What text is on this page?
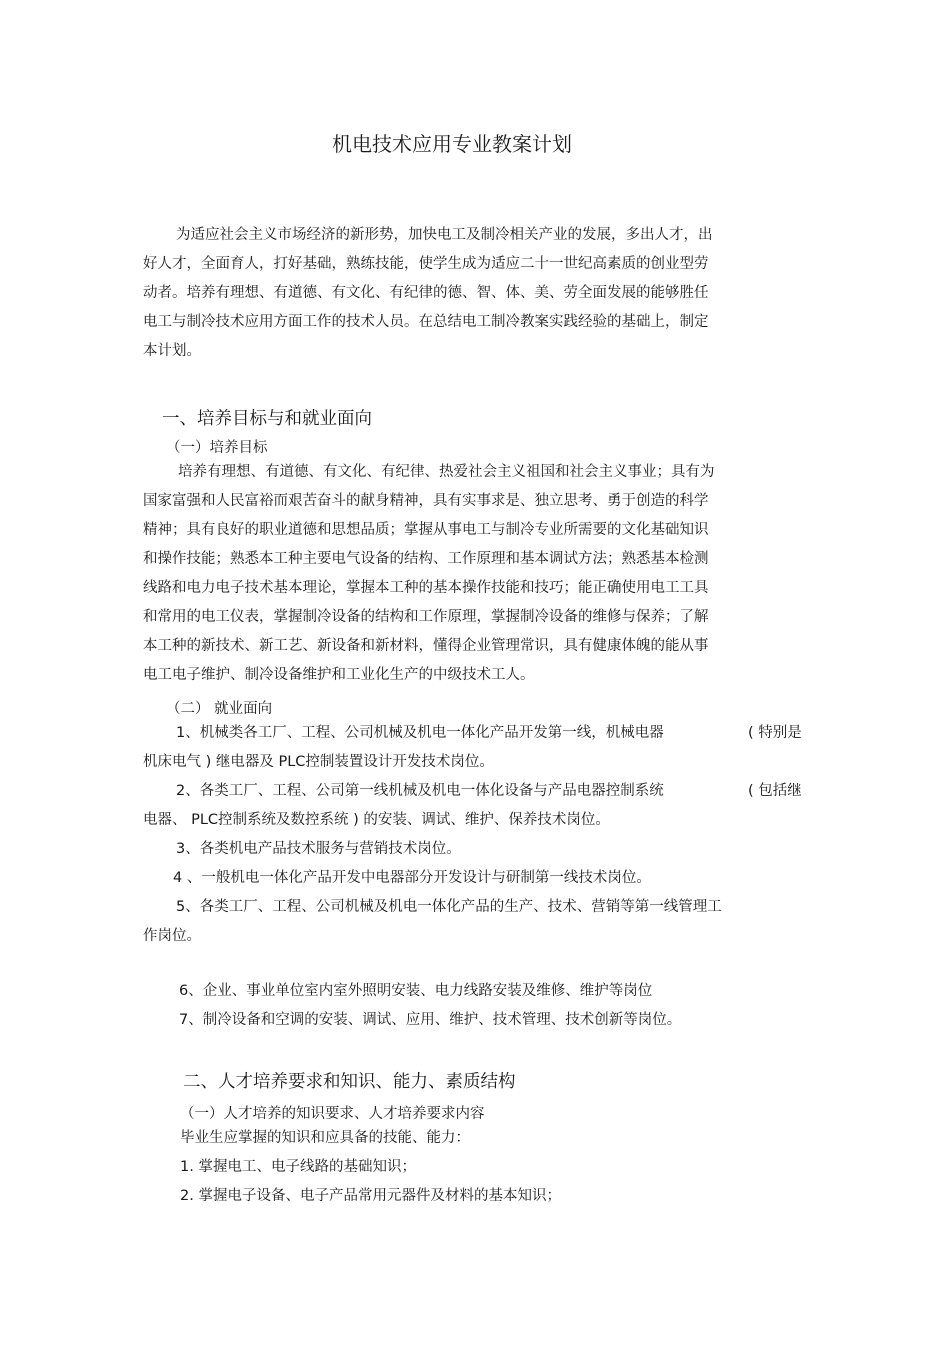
机电技术应用专业教案计划
为适应社会主义市场经济的新形势，加快电工及制冷相关产业的发展，多出人才，出
好人才，全面育人，打好基础，熟练技能，使学生成为适应二十一世纪高素质的创业型劳
动者。培养有理想、有道德、有文化、有纪律的德、智、体、美、劳全面发展的能够胜任
电工与制冷技术应用方面工作的技术人员。在总结电工制冷教案实践经验的基础上，制定
本计划。
一、培养目标与和就业面向
（一）培养目标
培养有理想、有道德、有文化、有纪律、热爱社会主义祖国和社会主义事业；具有为
国家富强和人民富裕而艰苦奋斗的献身精神，具有实事求是、独立思考、勇于创造的科学
精神；具有良好的职业道德和思想品质；掌握从事电工与制冷专业所需要的文化基础知识
和操作技能；熟悉本工种主要电气设备的结构、工作原理和基本调试方法；熟悉基本检测
线路和电力电子技术基本理论，掌握本工种的基本操作技能和技巧；能正确使用电工工具
和常用的电工仪表，掌握制冷设备的结构和工作原理，掌握制冷设备的维修与保养；了解
本工种的新技术、新工艺、新设备和新材料，懂得企业管理常识，具有健康体魄的能从事
电工电子维护、制冷设备维护和工业化生产的中级技术工人。
（二） 就业面向
1、机械类各工厂、工程、公司机械及机电一体化产品开发第一线，机械电器	( 特别是
机床电气 ) 继电器及 PLC控制装置设计开发技术岗位。
2、各类工厂、工程、公司第一线机械及机电一体化设备与产品电器控制系统	( 包括继
电器、 PLC控制系统及数控系统 ) 的安装、调试、维护、保养技术岗位。
3、各类机电产品技术服务与营销技术岗位。
4 、一般机电一体化产品开发中电器部分开发设计与研制第一线技术岗位。
5、各类工厂、工程、公司机械及机电一体化产品的生产、技术、营销等第一线管理工
作岗位。
6、企业、事业单位室内室外照明安装、电力线路安装及维修、维护等岗位
7、制冷设备和空调的安装、调试、应用、维护、技术管理、技术创新等岗位。
二、人才培养要求和知识、能力、素质结构
（一）人才培养的知识要求、人才培养要求内容
毕业生应掌握的知识和应具备的技能、能力：
1. 掌握电工、电子线路的基础知识；
2. 掌握电子设备、电子产品常用元器件及材料的基本知识；
